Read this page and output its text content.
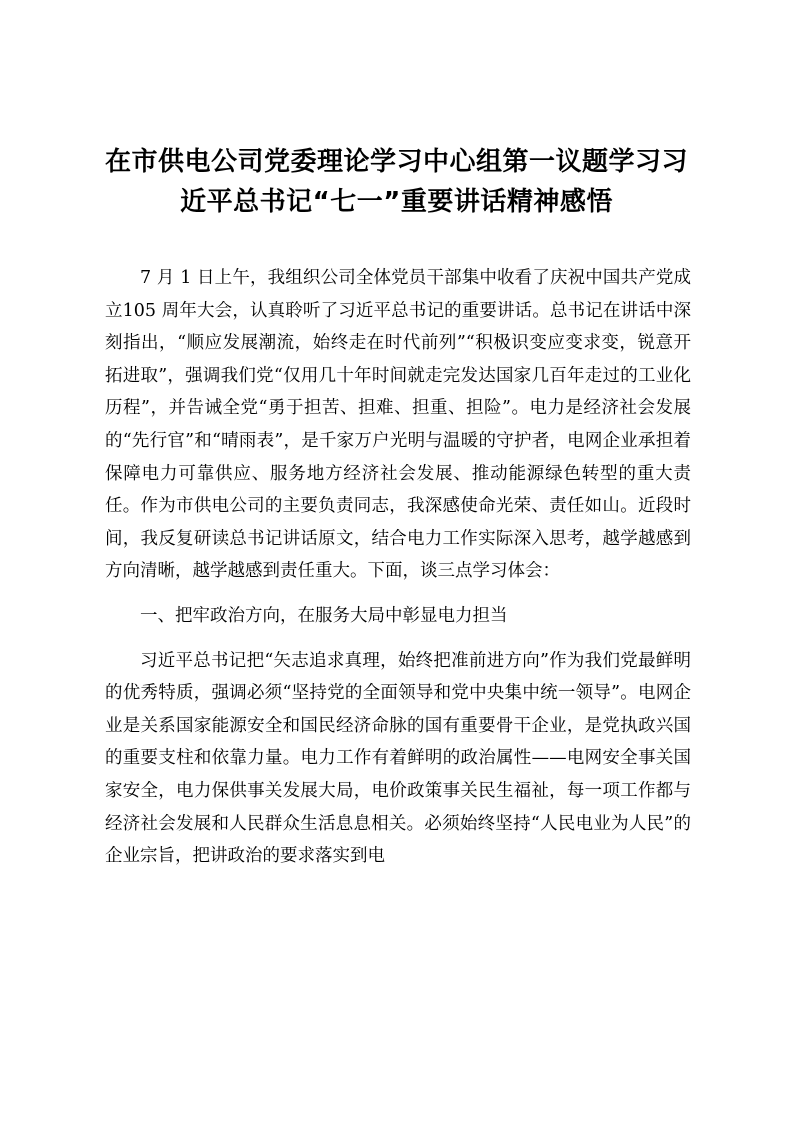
在市供电公司党委理论学习中心组第一议题学习习近平总书记“七一”重要讲话精神感悟

7 月 1 日上午，我组织公司全体党员干部集中收看了庆祝中国共产党成立105 周年大会，认真聆听了习近平总书记的重要讲话。总书记在讲话中深刻指出，“顺应发展潮流，始终走在时代前列”“积极识变应变求变，锐意开拓进取”，强调我们党“仅用几十年时间就走完发达国家几百年走过的工业化历程”，并告诫全党“勇于担苦、担难、担重、担险”。电力是经济社会发展的“先行官”和“晴雨表”，是千家万户光明与温暖的守护者，电网企业承担着保障电力可靠供应、服务地方经济社会发展、推动能源绿色转型的重大责任。作为市供电公司的主要负责同志，我深感使命光荣、责任如山。近段时间，我反复研读总书记讲话原文，结合电力工作实际深入思考，越学越感到方向清晰，越学越感到责任重大。下面，谈三点学习体会：

一、把牢政治方向，在服务大局中彰显电力担当

习近平总书记把“矢志追求真理，始终把准前进方向”作为我们党最鲜明的优秀特质，强调必须“坚持党的全面领导和党中央集中统一领导”。电网企业是关系国家能源安全和国民经济命脉的国有重要骨干企业，是党执政兴国的重要支柱和依靠力量。电力工作有着鲜明的政治属性——电网安全事关国家安全，电力保供事关发展大局，电价政策事关民生福祉，每一项工作都与经济社会发展和人民群众生活息息相关。必须始终坚持“人民电业为人民”的企业宗旨，把讲政治的要求落实到电
